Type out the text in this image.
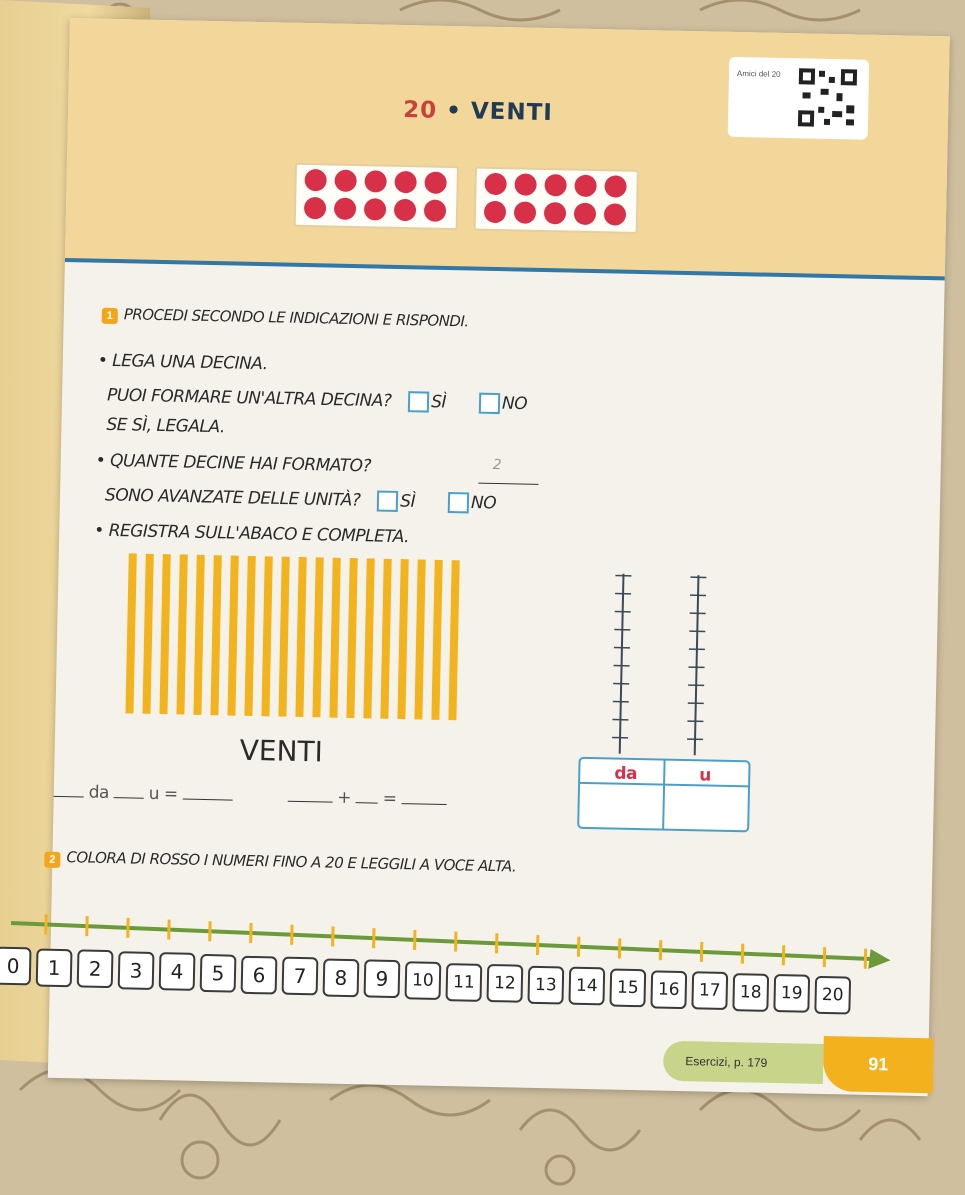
20 • VENTI
Amici del 20
1 PROCEDI SECONDO LE INDICAZIONI E RISPONDI.
• LEGA UNA DECINA.
PUOI FORMARE UN'ALTRA DECINA? SÌ	NO
SE SÌ, LEGALA.
• QUANTE DECINE HAI FORMATO?	2
SONO AVANZATE DELLE UNITÀ? SÌ	NO
• REGISTRA SULL'ABACO E COMPLETA.
VENTI
da u =	+ =
da	u
2 COLORA DI ROSSO I NUMERI FINO A 20 E LEGGILI A VOCE ALTA.
0	1	2	3	4	5	6	7	8	9	10	11	12	13	14	15	16	17	18	19	20
Esercizi, p. 179	91
